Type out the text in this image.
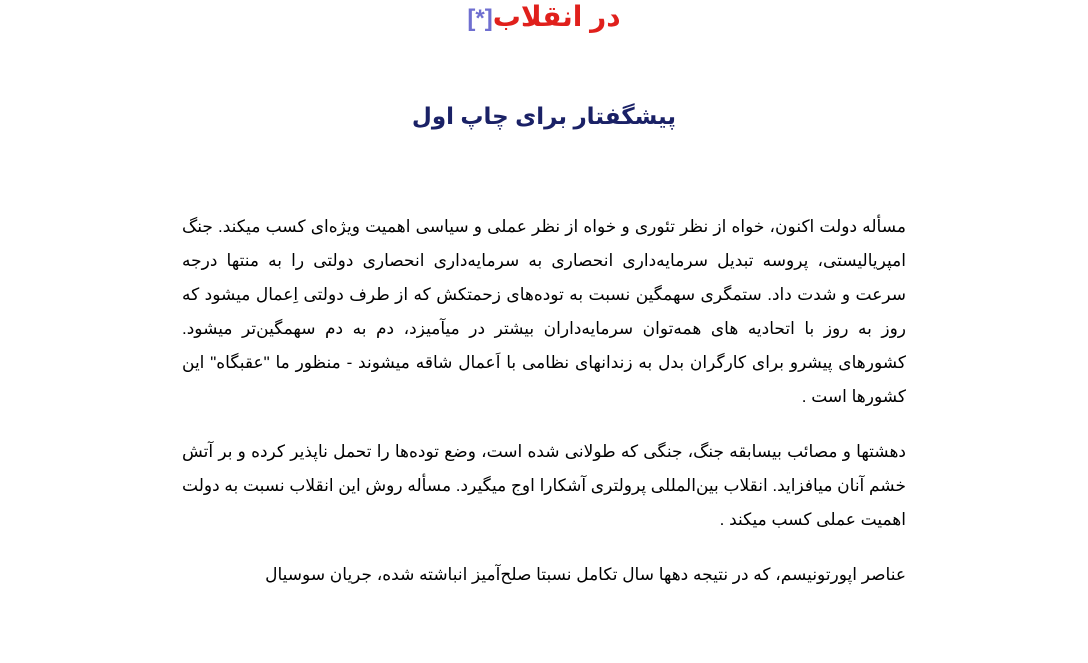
در انقلاب[*]
پیشگفتار برای چاپ اول

مسأله دولت اکنون، خواه از نظر تئوری و خواه از نظر عملی و سیاسی اهمیت ویژه‌ای کسب میکند. جنگ امپریالیستی، پروسه تبدیل سرمایه‌داری انحصاری به سرمایه‌داری انحصاری دولتی را به منتها درجه سرعت و شدت داد. ستمگری سهمگین نسبت به توده‌های زحمتکش که از طرف دولتی اِعمال میشود که روز به روز با اتحادیه های همه‌توان سرمایه‌داران بیشتر در میآمیزد، دم به دم سهمگین‌تر میشود. کشورهای پیشرو برای کارگران بدل به زندانهای نظامی با اَعمال شاقه میشوند - منظور ما "عقبگاه" این کشورها است .

دهشتها و مصائب بیسابقه جنگ، جنگی که طولانی شده است، وضع توده‌ها را تحمل ناپذیر کرده و بر آتش خشم آنان میافزاید. انقلاب بین‌المللی پرولتری آشکارا اوج میگیرد. مسأله روش این انقلاب نسبت به دولت اهمیت عملی کسب میکند .

عناصر اپورتونیسم، که در نتیجه دهها سال تکامل نسبتا صلح‌آمیز انباشته شده، جریان سوسیال
